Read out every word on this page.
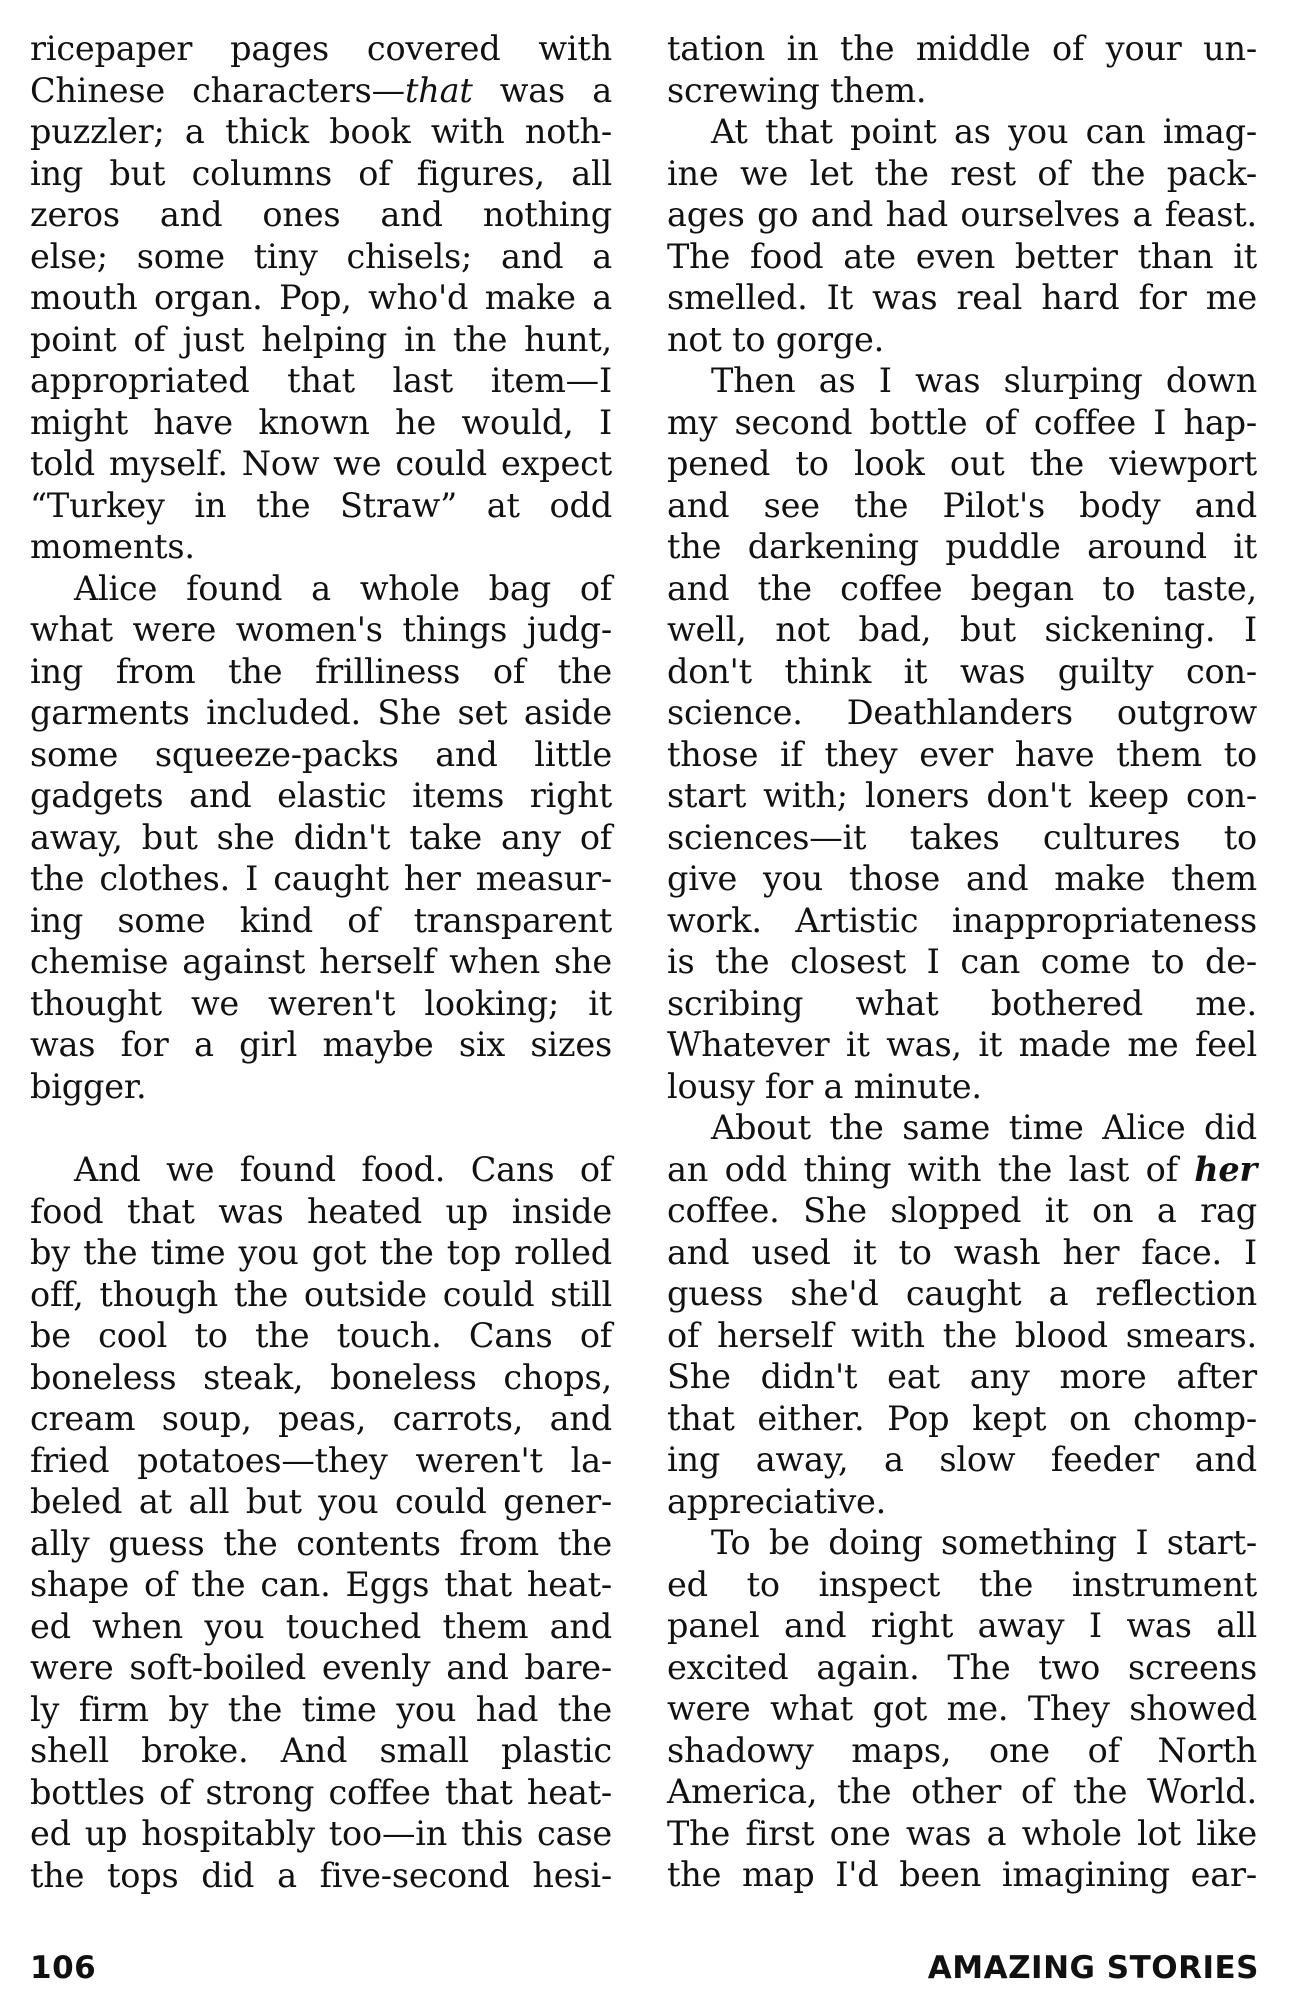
ricepaper pages covered with
Chinese characters—that was a
puzzler; a thick book with noth-
ing but columns of figures, all
zeros and ones and nothing
else; some tiny chisels; and a
mouth organ. Pop, who'd make a
point of just helping in the hunt,
appropriated that last item—I
might have known he would, I
told myself. Now we could expect
“Turkey in the Straw” at odd
moments.

Alice found a whole bag of
what were women's things judg-
ing from the frilliness of the
garments included. She set aside
some squeeze-packs and little
gadgets and elastic items right
away, but she didn't take any of
the clothes. I caught her measur-
ing some kind of transparent
chemise against herself when she
thought we weren't looking; it
was for a girl maybe six sizes
bigger.

And we found food. Cans of
food that was heated up inside
by the time you got the top rolled
off, though the outside could still
be cool to the touch. Cans of
boneless steak, boneless chops,
cream soup, peas, carrots, and
fried potatoes—they weren't la-
beled at all but you could gener-
ally guess the contents from the
shape of the can. Eggs that heat-
ed when you touched them and
were soft-boiled evenly and bare-
ly firm by the time you had the
shell broke. And small plastic
bottles of strong coffee that heat-
ed up hospitably too—in this case
the tops did a five-second hesi-

tation in the middle of your un-
screwing them.

At that point as you can imag-
ine we let the rest of the pack-
ages go and had ourselves a feast.
The food ate even better than it
smelled. It was real hard for me
not to gorge.

Then as I was slurping down
my second bottle of coffee I hap-
pened to look out the viewport
and see the Pilot's body and
the darkening puddle around it
and the coffee began to taste,
well, not bad, but sickening. I
don't think it was guilty con-
science. Deathlanders outgrow
those if they ever have them to
start with; loners don't keep con-
sciences—it takes cultures to
give you those and make them
work. Artistic inappropriateness
is the closest I can come to de-
scribing what bothered me.
Whatever it was, it made me feel
lousy for a minute.

About the same time Alice did
an odd thing with the last of her
coffee. She slopped it on a rag
and used it to wash her face. I
guess she'd caught a reflection
of herself with the blood smears.
She didn't eat any more after
that either. Pop kept on chomp-
ing away, a slow feeder and
appreciative.

To be doing something I start-
ed to inspect the instrument
panel and right away I was all
excited again. The two screens
were what got me. They showed
shadowy maps, one of North
America, the other of the World.
The first one was a whole lot like
the map I'd been imagining ear-

106	AMAZING STORIES
